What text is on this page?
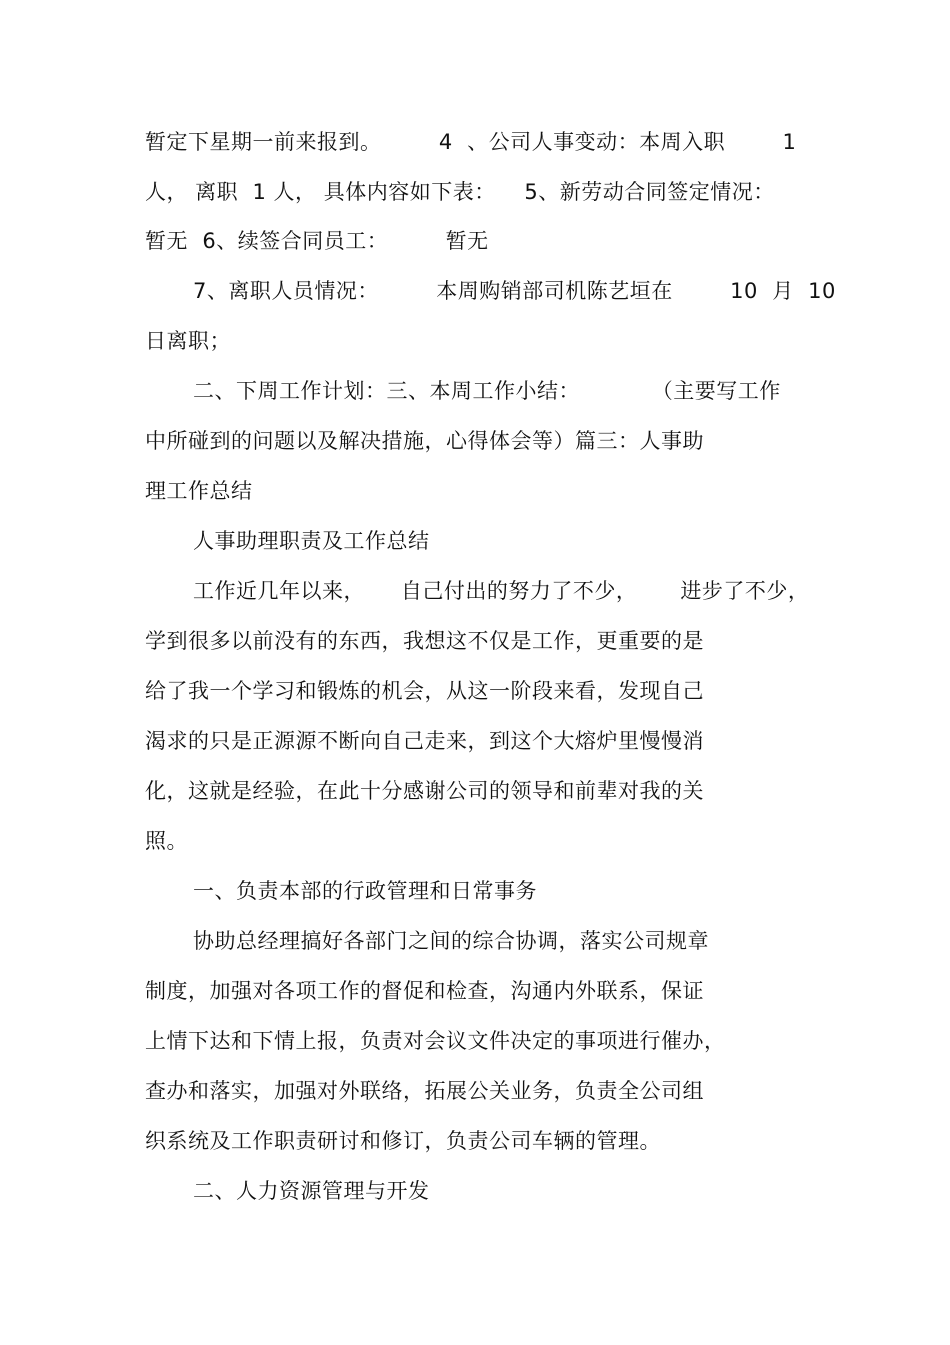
暂定下星期一前来报到。        4  、公司人事变动：本周入职        1
人， 离职  1 人， 具体内容如下表：    5、新劳动合同签定情况：
暂无  6、续签合同员工：        暂无
7、离职人员情况：        本周购销部司机陈艺垣在        10  月  10
日离职；
二、下周工作计划：三、本周工作小结：          （主要写工作
中所碰到的问题以及解决措施，心得体会等）篇三：人事助
理工作总结
人事助理职责及工作总结
工作近几年以来，     自己付出的努力了不少，      进步了不少，
学到很多以前没有的东西，我想这不仅是工作，更重要的是
给了我一个学习和锻炼的机会，从这一阶段来看，发现自己
渴求的只是正源源不断向自己走来，到这个大熔炉里慢慢消
化，这就是经验，在此十分感谢公司的领导和前辈对我的关
照。
一、负责本部的行政管理和日常事务
协助总经理搞好各部门之间的综合协调，落实公司规章
制度，加强对各项工作的督促和检查，沟通内外联系，保证
上情下达和下情上报，负责对会议文件决定的事项进行催办，
查办和落实，加强对外联络，拓展公关业务，负责全公司组
织系统及工作职责研讨和修订，负责公司车辆的管理。
二、人力资源管理与开发
